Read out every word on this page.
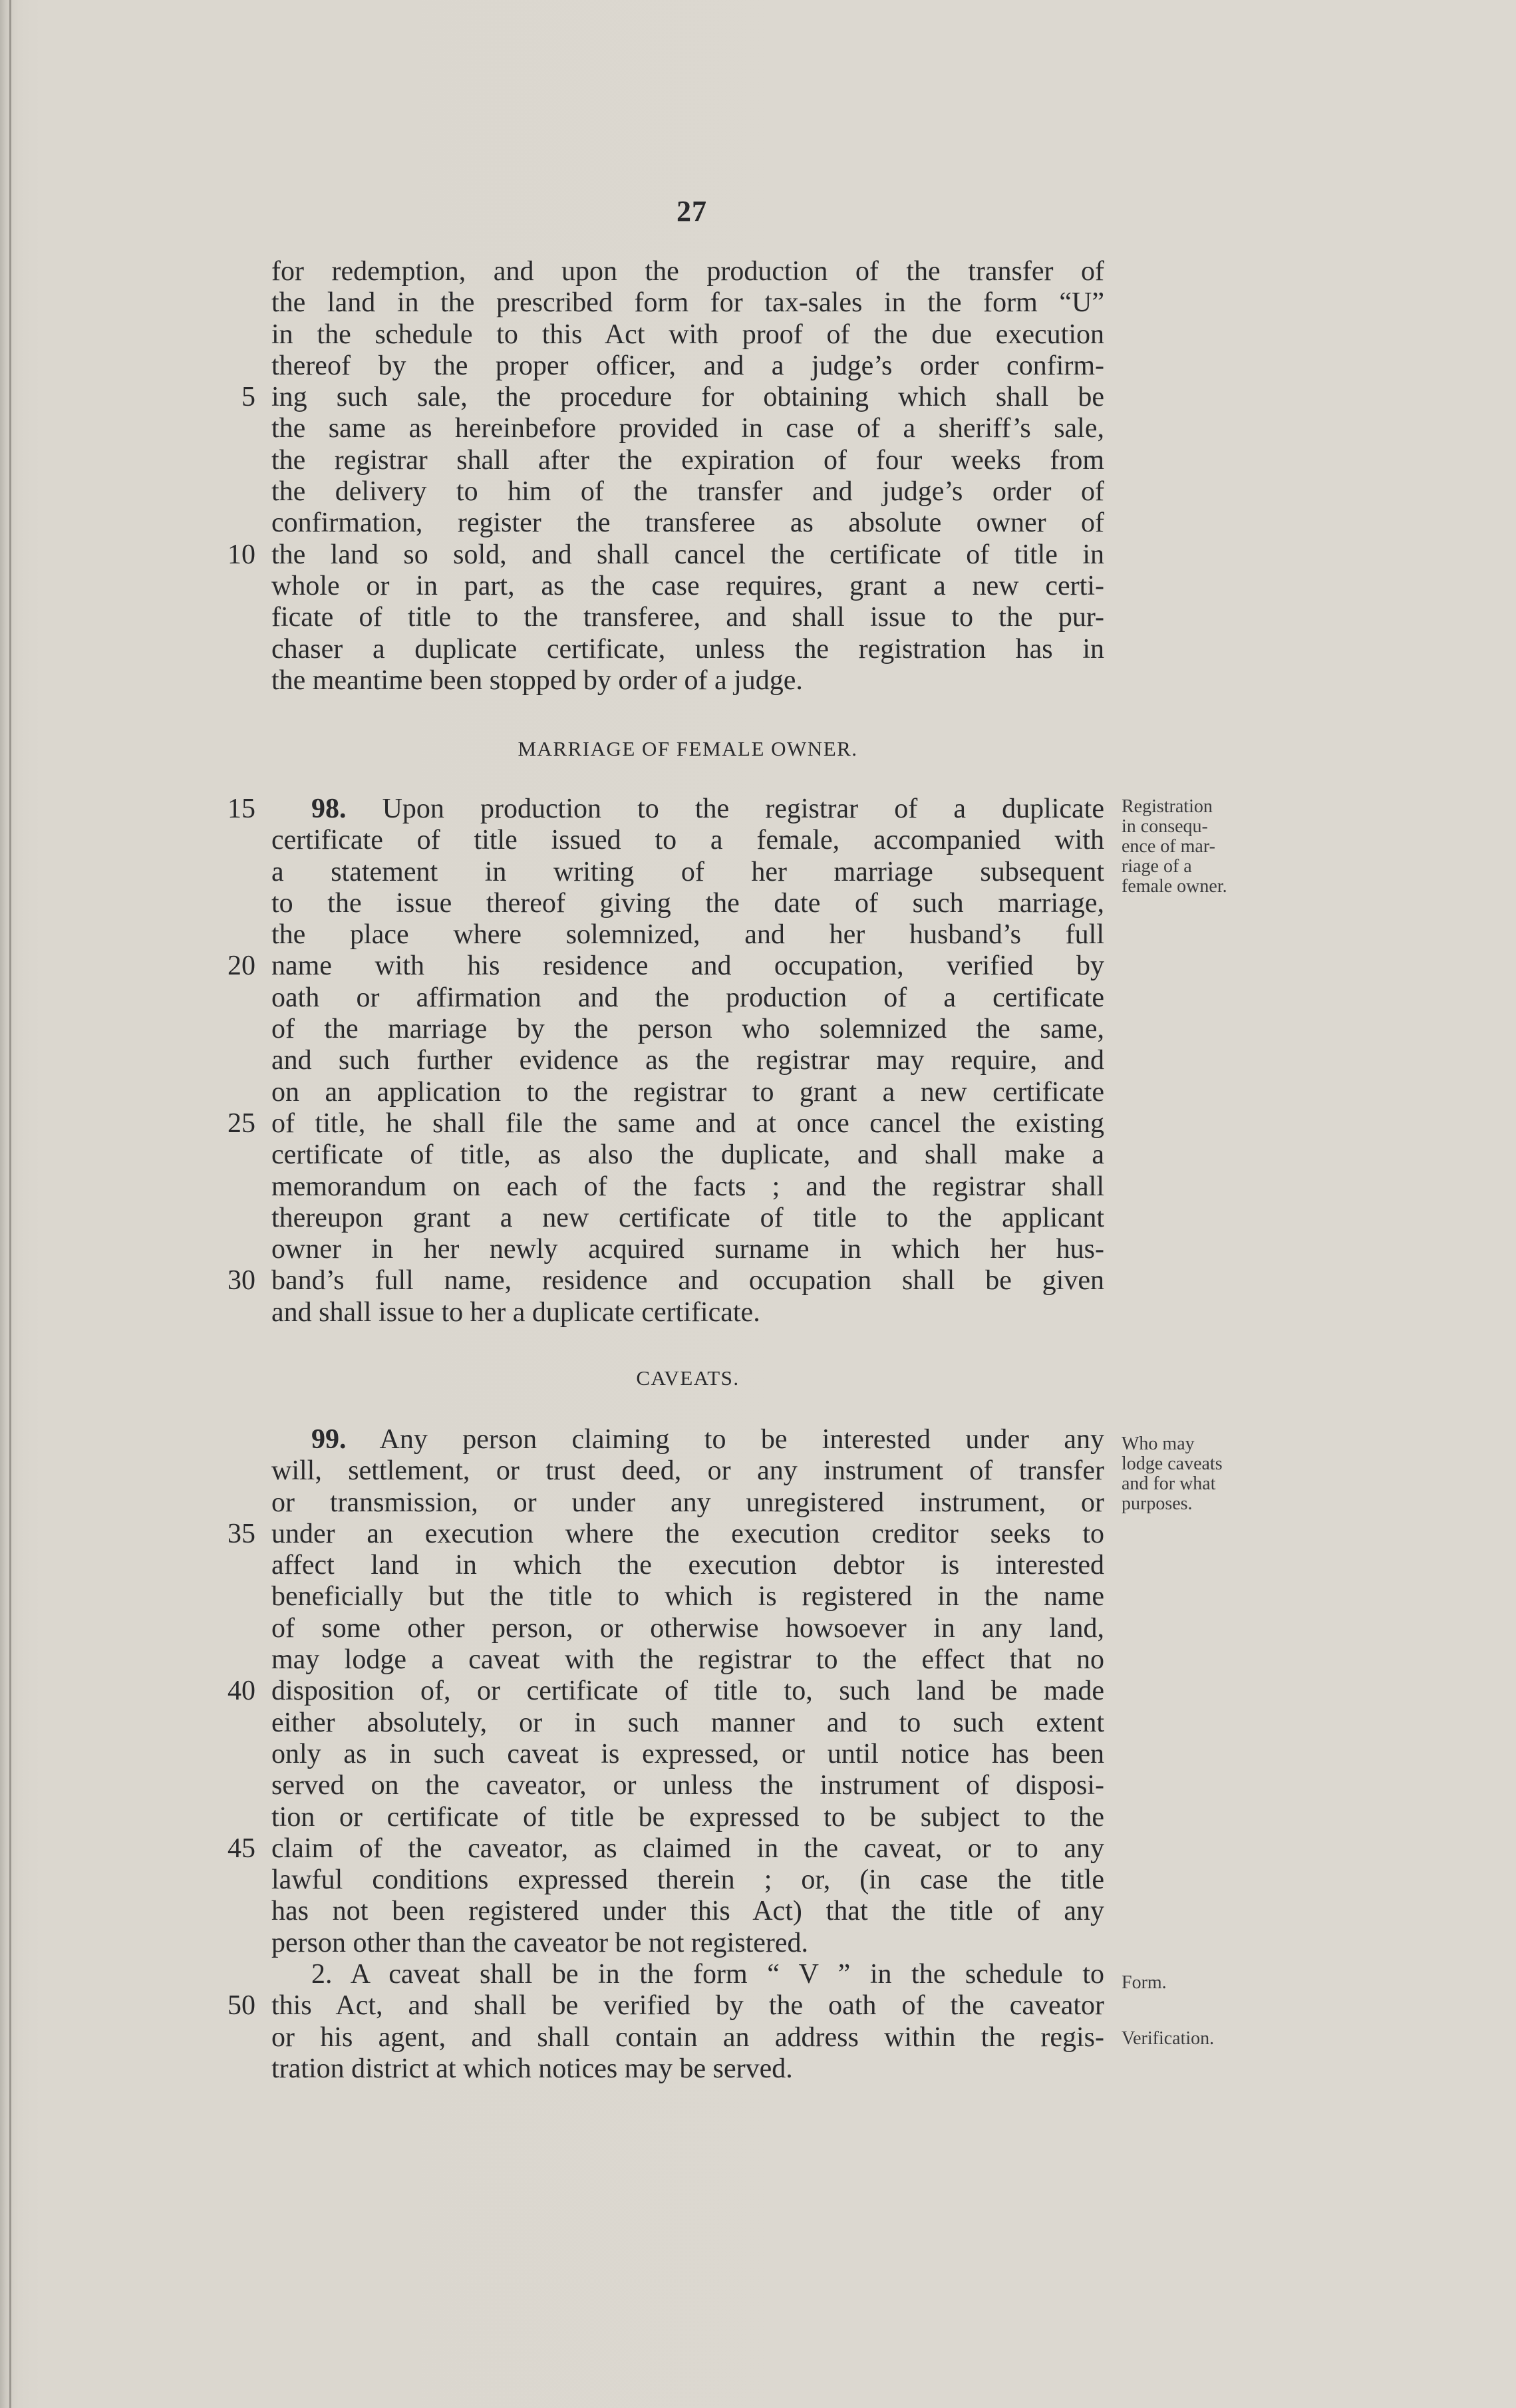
27
for redemption, and upon the production of the transfer of
the land in the prescribed form for tax-sales in the form “U”
in the schedule to this Act with proof of the due execution
thereof by the proper officer, and a judge’s order confirm-
ing such sale, the procedure for obtaining which shall be
the same as hereinbefore provided in case of a sheriff’s sale,
the registrar shall after the expiration of four weeks from
the delivery to him of the transfer and judge’s order of
confirmation, register the transferee as absolute owner of
the land so sold, and shall cancel the certificate of title in
whole or in part, as the case requires, grant a new certi-
ficate of title to the transferee, and shall issue to the pur-
chaser a duplicate certificate, unless the registration has in
the meantime been stopped by order of a judge.
MARRIAGE OF FEMALE OWNER.
98. Upon production to the registrar of a duplicate
certificate of title issued to a female, accompanied with
a statement in writing of her marriage subsequent
to the issue thereof giving the date of such marriage,
the place where solemnized, and her husband’s full
name with his residence and occupation, verified by
oath or affirmation and the production of a certificate
of the marriage by the person who solemnized the same,
and such further evidence as the registrar may require, and
on an application to the registrar to grant a new certificate
of title, he shall file the same and at once cancel the existing
certificate of title, as also the duplicate, and shall make a
memorandum on each of the facts ; and the registrar shall
thereupon grant a new certificate of title to the applicant
owner in her newly acquired surname in which her hus-
band’s full name, residence and occupation shall be given
and shall issue to her a duplicate certificate.
Registration
in consequ-
ence of mar-
riage of a
female owner.
CAVEATS.
99. Any person claiming to be interested under any
will, settlement, or trust deed, or any instrument of transfer
or transmission, or under any unregistered instrument, or
under an execution where the execution creditor seeks to
affect land in which the execution debtor is interested
beneficially but the title to which is registered in the name
of some other person, or otherwise howsoever in any land,
may lodge a caveat with the registrar to the effect that no
disposition of, or certificate of title to, such land be made
either absolutely, or in such manner and to such extent
only as in such caveat is expressed, or until notice has been
served on the caveator, or unless the instrument of disposi-
tion or certificate of title be expressed to be subject to the
claim of the caveator, as claimed in the caveat, or to any
lawful conditions expressed therein ; or, (in case the title
has not been registered under this Act) that the title of any
person other than the caveator be not registered.
2. A caveat shall be in the form “ V ” in the schedule to
this Act, and shall be verified by the oath of the caveator
or his agent, and shall contain an address within the regis-
tration district at which notices may be served.
Who may
lodge caveats
and for what
purposes.
Form.
Verification.
5
10
15
20
25
30
35
40
45
50
